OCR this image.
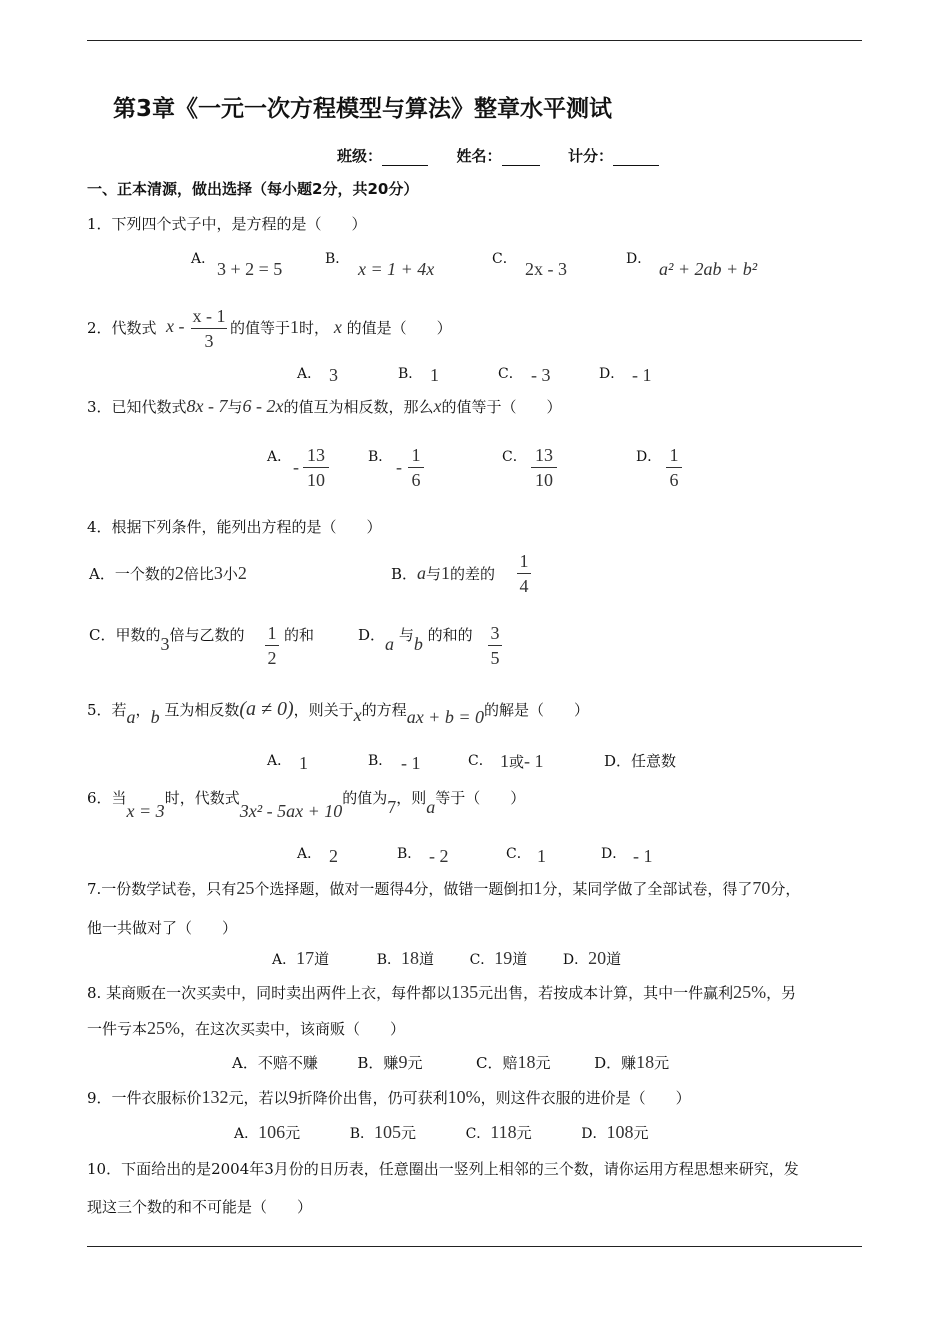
第3章《一元一次方程模型与算法》整章水平测试
班级：	姓名：	计分：
一、正本清源，做出选择（每小题2分，共20分）
1．下列四个式子中，是方程的是（　　）
A． 3 + 2 = 5	B． x = 1 + 4x	C． 2x - 3	D． a² + 2ab + b²
2．代数式 x - x - 1
3
的值等于1时， x 的值是（　　）
A． 3	B． 1	C． - 3	D． - 1
3．已知代数式8x - 7与6 - 2x的值互为相反数，那么x的值等于（　　）
A． -
13
10
B． -
1
6
C． 13
10
D． 1
6
4．根据下列条件，能列出方程的是（　　）
A．一个数的2倍比3小2	B．a与1的差的
1
4
C．甲数的3倍与乙数的 1
2
的和	D．a 与b 的和的 3
5
5．若a，b 互为相反数(a ≠ 0)，则关于x的方程ax + b = 0的解是（　　）
A． 1	B． - 1	C． 1或- 1	D．任意数
6．当x = 3时，代数式3x² - 5ax + 10的值为7，则a等于（　　）
A． 2	B． - 2	C． 1	D． - 1
7.一份数学试卷，只有25个选择题，做对一题得4分，做错一题倒扣1分，某同学做了全部试卷，得了70分，
他一共做对了（　　）
A．17道	B．18道	C．19道	D．20道
8. 某商贩在一次买卖中，同时卖出两件上衣，每件都以135元出售，若按成本计算，其中一件赢利25%，另
一件亏本25%，在这次买卖中，该商贩（　　）
A．不赔不赚	B．赚9元	C．赔18元	D．赚18元
9．一件衣服标价132元，若以9折降价出售，仍可获利10%，则这件衣服的进价是（　　）
A．106元	B．105元	C．118元	D．108元
10．下面给出的是2004年3月份的日历表，任意圈出一竖列上相邻的三个数，请你运用方程思想来研究，发
现这三个数的和不可能是（　　）
